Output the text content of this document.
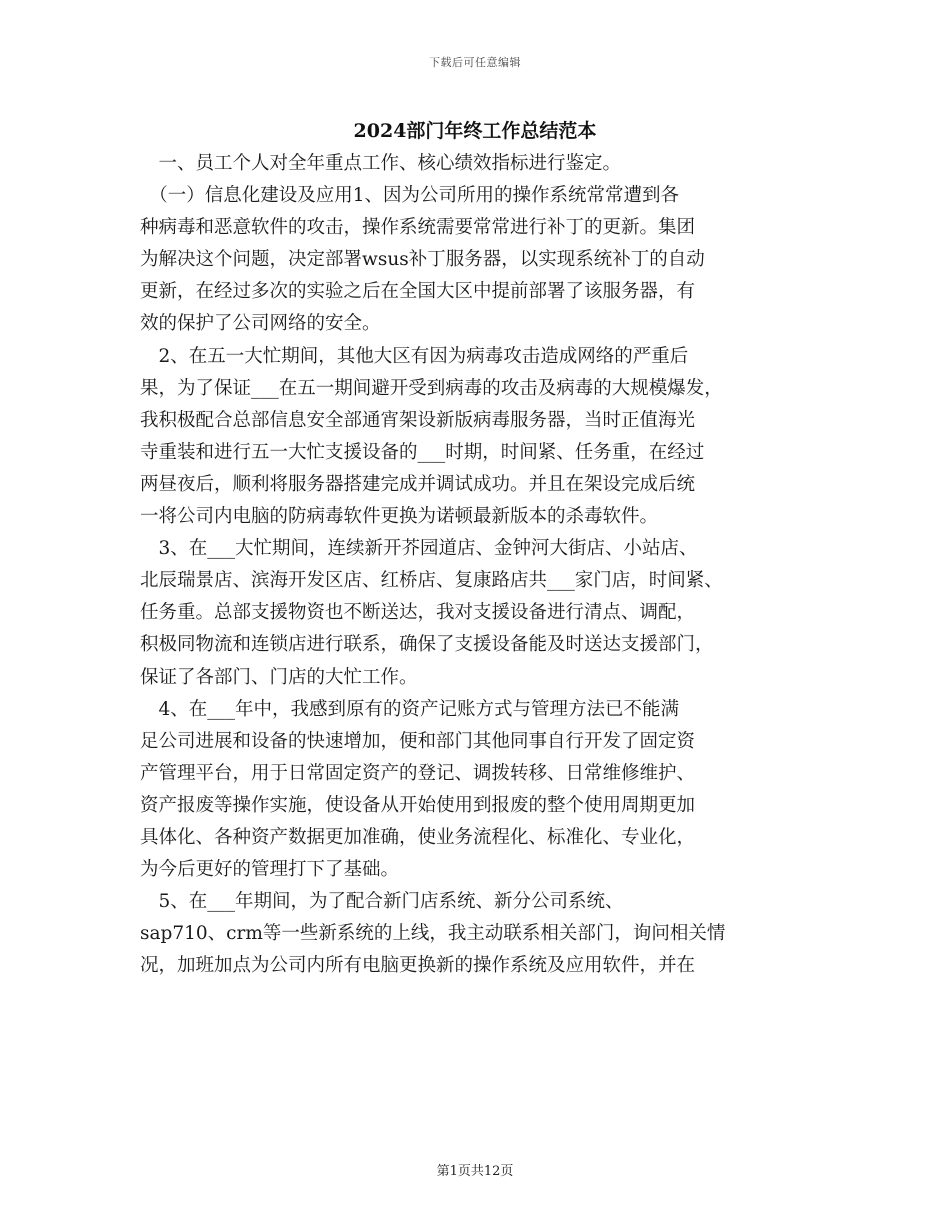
下载后可任意编辑
2024部门年终工作总结范本
　一、员工个人对全年重点工作、核心绩效指标进行鉴定。
　（一）信息化建设及应用1、因为公司所用的操作系统常常遭到各
种病毒和恶意软件的攻击，操作系统需要常常进行补丁的更新。集团
为解决这个问题，决定部署wsus补丁服务器，以实现系统补丁的自动
更新，在经过多次的实验之后在全国大区中提前部署了该服务器，有
效的保护了公司网络的安全。
　2、在五一大忙期间，其他大区有因为病毒攻击造成网络的严重后
果，为了保证___在五一期间避开受到病毒的攻击及病毒的大规模爆发，
我积极配合总部信息安全部通宵架设新版病毒服务器，当时正值海光
寺重装和进行五一大忙支援设备的___时期，时间紧、任务重，在经过
两昼夜后，顺利将服务器搭建完成并调试成功。并且在架设完成后统
一将公司内电脑的防病毒软件更换为诺顿最新版本的杀毒软件。
　3、在___大忙期间，连续新开芥园道店、金钟河大街店、小站店、
北辰瑞景店、滨海开发区店、红桥店、复康路店共___家门店，时间紧、
任务重。总部支援物资也不断送达，我对支援设备进行清点、调配，
积极同物流和连锁店进行联系，确保了支援设备能及时送达支援部门，
保证了各部门、门店的大忙工作。
　4、在___年中，我感到原有的资产记账方式与管理方法已不能满
足公司进展和设备的快速增加，便和部门其他同事自行开发了固定资
产管理平台，用于日常固定资产的登记、调拨转移、日常维修维护、
资产报废等操作实施，使设备从开始使用到报废的整个使用周期更加
具体化、各种资产数据更加准确，使业务流程化、标准化、专业化，
为今后更好的管理打下了基础。
　5、在___年期间，为了配合新门店系统、新分公司系统、
sap710、crm等一些新系统的上线，我主动联系相关部门，询问相关情
况，加班加点为公司内所有电脑更换新的操作系统及应用软件，并在
第1页共12页
